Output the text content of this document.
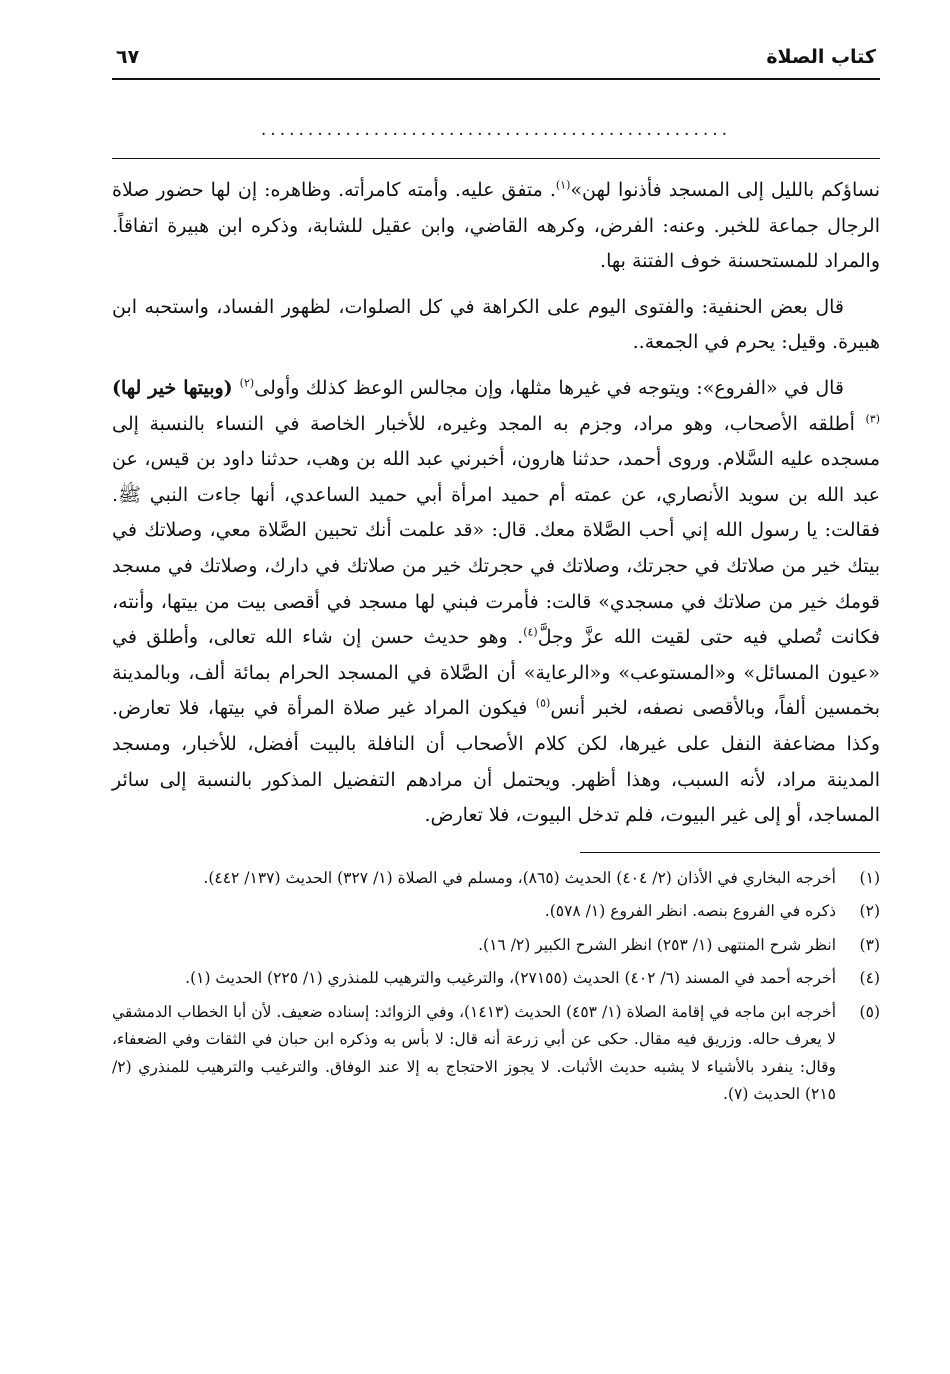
كتاب الصلاة
٦٧
..................................................

نساؤكم بالليل إلى المسجد فأذنوا لهن»$^{(١)}$. متفق عليه. وأمته كامرأته. وظاهره: إن لها حضور صلاة الرجال جماعة للخبر. وعنه: الفرض، وكرهه القاضي، وابن عقيل للشابة، وذكره ابن هبيرة اتفاقاً. والمراد للمستحسنة خوف الفتنة بها.

قال بعض الحنفية: والفتوى اليوم على الكراهة في كل الصلوات، لظهور الفساد، واستحبه ابن هبيرة. وقيل: يحرم في الجمعة..

قال في «الفروع»: ويتوجه في غيرها مثلها، وإن مجالس الوعظ كذلك وأولى$^{(٢)}$ (وبيتها خير لها)$^{(٣)}$ أطلقه الأصحاب، وهو مراد، وجزم به المجد وغيره، للأخبار الخاصة في النساء بالنسبة إلى مسجده عليه السَّلام. وروى أحمد، حدثنا هارون، أخبرني عبد الله بن وهب، حدثنا داود بن قيس، عن عبد الله بن سويد الأنصاري، عن عمته أم حميد امرأة أبي حميد الساعدي، أنها جاءت النبي ﷺ. فقالت: يا رسول الله إني أحب الصَّلاة معك. قال: «قد علمت أنك تحبين الصَّلاة معي، وصلاتك في بيتك خير من صلاتك في حجرتك، وصلاتك في حجرتك خير من صلاتك في دارك، وصلاتك في مسجد قومك خير من صلاتك في مسجدي» قالت: فأمرت فبني لها مسجد في أقصى بيت من بيتها، وأنته، فكانت تُصلي فيه حتى لقيت الله عزَّ وجلَّ$^{(٤)}$. وهو حديث حسن إن شاء الله تعالى، وأطلق في «عيون المسائل» و«المستوعب» و«الرعاية» أن الصَّلاة في المسجد الحرام بمائة ألف، وبالمدينة بخمسين ألفاً، وبالأقصى نصفه، لخبر أنس$^{(٥)}$ فيكون المراد غير صلاة المرأة في بيتها، فلا تعارض. وكذا مضاعفة النفل على غيرها، لكن كلام الأصحاب أن النافلة بالبيت أفضل، للأخبار، ومسجد المدينة مراد، لأنه السبب، وهذا أظهر. ويحتمل أن مرادهم التفضيل المذكور بالنسبة إلى سائر المساجد، أو إلى غير البيوت، فلم تدخل البيوت، فلا تعارض.

(١)
أخرجه البخاري في الأذان (٢/ ٤٠٤) الحديث (٨٦٥)، ومسلم في الصلاة (١/ ٣٢٧) الحديث (١٣٧/ ٤٤٢).
(٢)
ذكره في الفروع بنصه. انظر الفروع (١/ ٥٧٨).
(٣)
انظر شرح المنتهى (١/ ٢٥٣) انظر الشرح الكبير (٢/ ١٦).
(٤)
أخرجه أحمد في المسند (٦/ ٤٠٢) الحديث (٢٧١٥٥)، والترغيب والترهيب للمنذري (١/ ٢٢٥) الحديث (١).
(٥)
أخرجه ابن ماجه في إقامة الصلاة (١/ ٤٥٣) الحديث (١٤١٣)، وفي الزوائد: إسناده ضعيف. لأن أبا الخطاب الدمشقي لا يعرف حاله. وزريق فيه مقال. حكى عن أبي زرعة أنه قال: لا بأس به وذكره ابن حبان في الثقات وفي الضعفاء، وقال: ينفرد بالأشياء لا يشبه حديث الأثبات. لا يجوز الاحتجاج به إلا عند الوفاق. والترغيب والترهيب للمنذري (٢/ ٢١٥) الحديث (٧).
